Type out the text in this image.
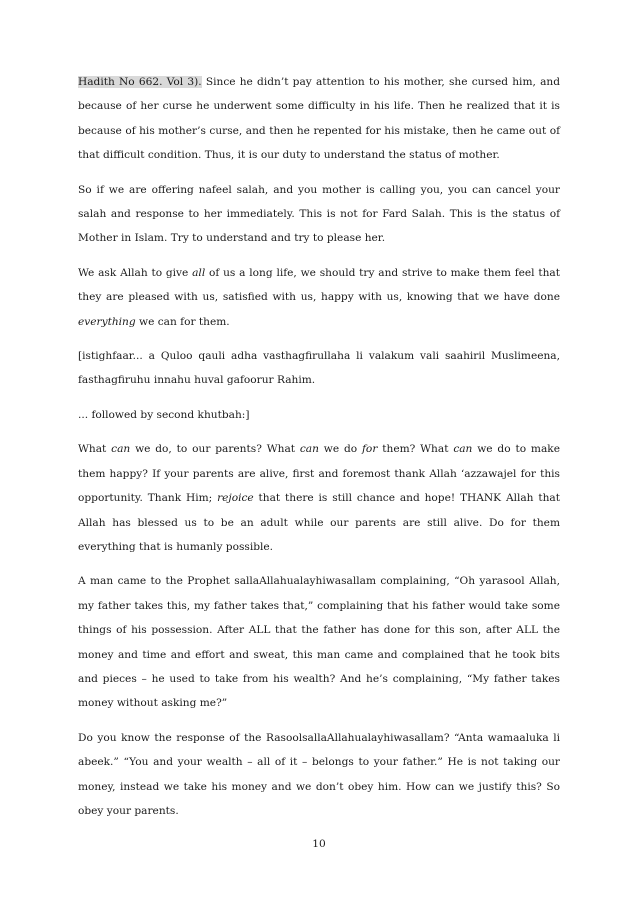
Hadith No 662. Vol 3). Since he didn’t pay attention to his mother, she cursed him, and because of her curse he underwent some difficulty in his life. Then he realized that it is because of his mother’s curse, and then he repented for his mistake, then he came out of that difficult condition. Thus, it is our duty to understand the status of mother.

So if we are offering nafeel salah, and you mother is calling you, you can cancel your salah and response to her immediately. This is not for Fard Salah. This is the status of Mother in Islam. Try to understand and try to please her.

We ask Allah to give all of us a long life, we should try and strive to make them feel that they are pleased with us, satisfied with us, happy with us, knowing that we have done everything we can for them.

[istighfaar... a Quloo qauli adha vasthagfirullaha li valakum vali saahiril Muslimeena, fasthagfiruhu innahu huval gafoorur Rahim.

... followed by second khutbah:]

What can we do, to our parents? What can we do for them? What can we do to make them happy? If your parents are alive, first and foremost thank Allah ‘azzawajel for this opportunity. Thank Him; rejoice that there is still chance and hope! THANK Allah that Allah has blessed us to be an adult while our parents are still alive. Do for them everything that is humanly possible.

A man came to the Prophet sallaAllahualayhiwasallam complaining, “Oh yarasool Allah, my father takes this, my father takes that,” complaining that his father would take some things of his possession. After ALL that the father has done for this son, after ALL the money and time and effort and sweat, this man came and complained that he took bits and pieces – he used to take from his wealth? And he’s complaining, “My father takes money without asking me?”

Do you know the response of the RasoolsallaAllahualayhiwasallam? “Anta wamaaluka li abeek.” “You and your wealth – all of it – belongs to your father.” He is not taking our money, instead we take his money and we don’t obey him. How can we justify this? So obey your parents.

10
